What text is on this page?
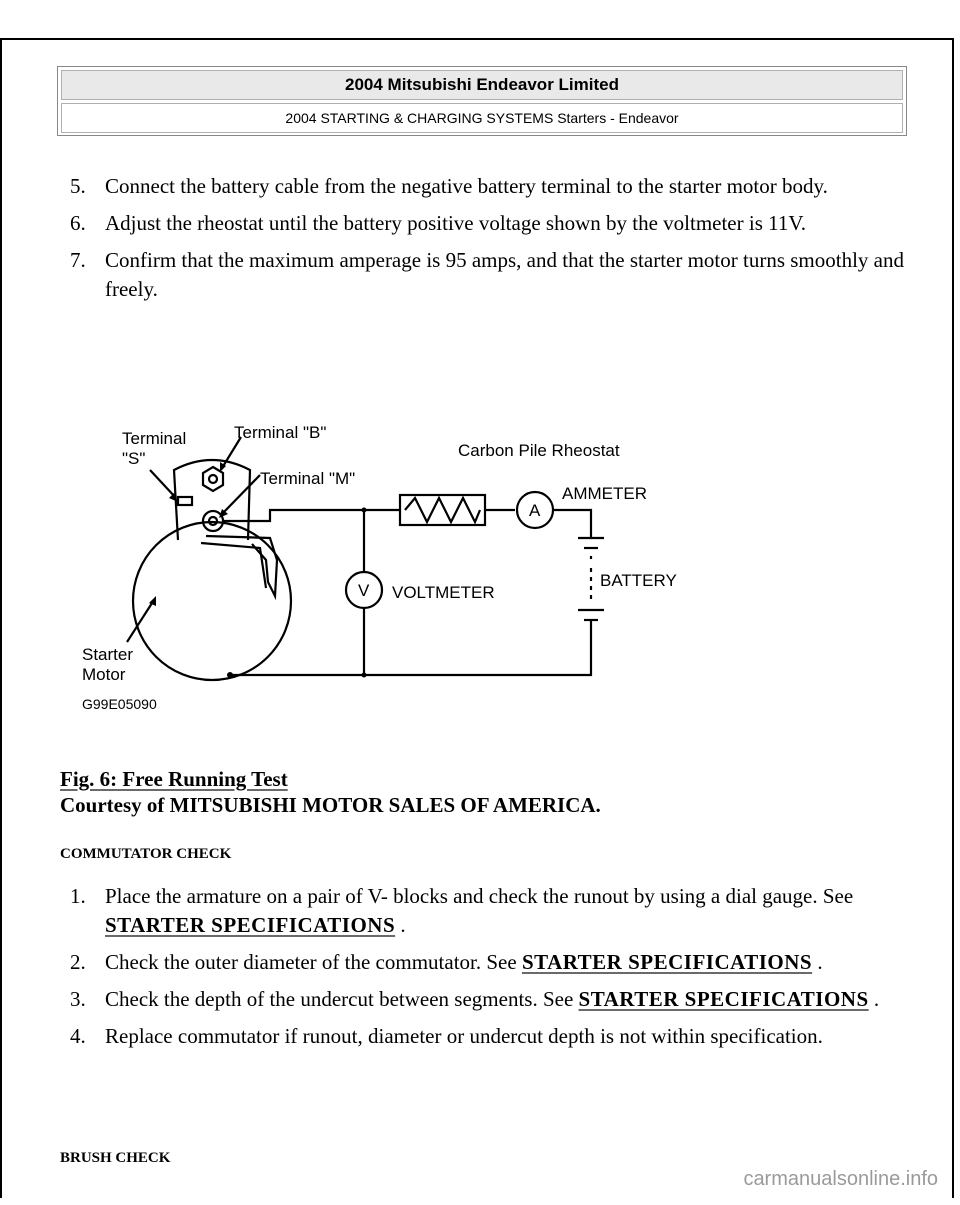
2004 Mitsubishi Endeavor Limited
2004 STARTING & CHARGING SYSTEMS Starters - Endeavor
5. Connect the battery cable from the negative battery terminal to the starter motor body.
6. Adjust the rheostat until the battery positive voltage shown by the voltmeter is 11V.
7. Confirm that the maximum amperage is 95 amps, and that the starter motor turns smoothly and freely.
Terminal
"S"
Terminal "B"
Terminal "M"
Carbon Pile Rheostat
A
AMMETER
V VOLTMETER
BATTERY
Starter
Motor
G99E05090
Fig. 6: Free Running Test
Courtesy of MITSUBISHI MOTOR SALES OF AMERICA.
COMMUTATOR CHECK
1. Place the armature on a pair of V- blocks and check the runout by using a dial gauge. See STARTER SPECIFICATIONS .
2. Check the outer diameter of the commutator. See STARTER SPECIFICATIONS .
3. Check the depth of the undercut between segments. See STARTER SPECIFICATIONS .
4. Replace commutator if runout, diameter or undercut depth is not within specification.
BRUSH CHECK
carmanualsonline.info
